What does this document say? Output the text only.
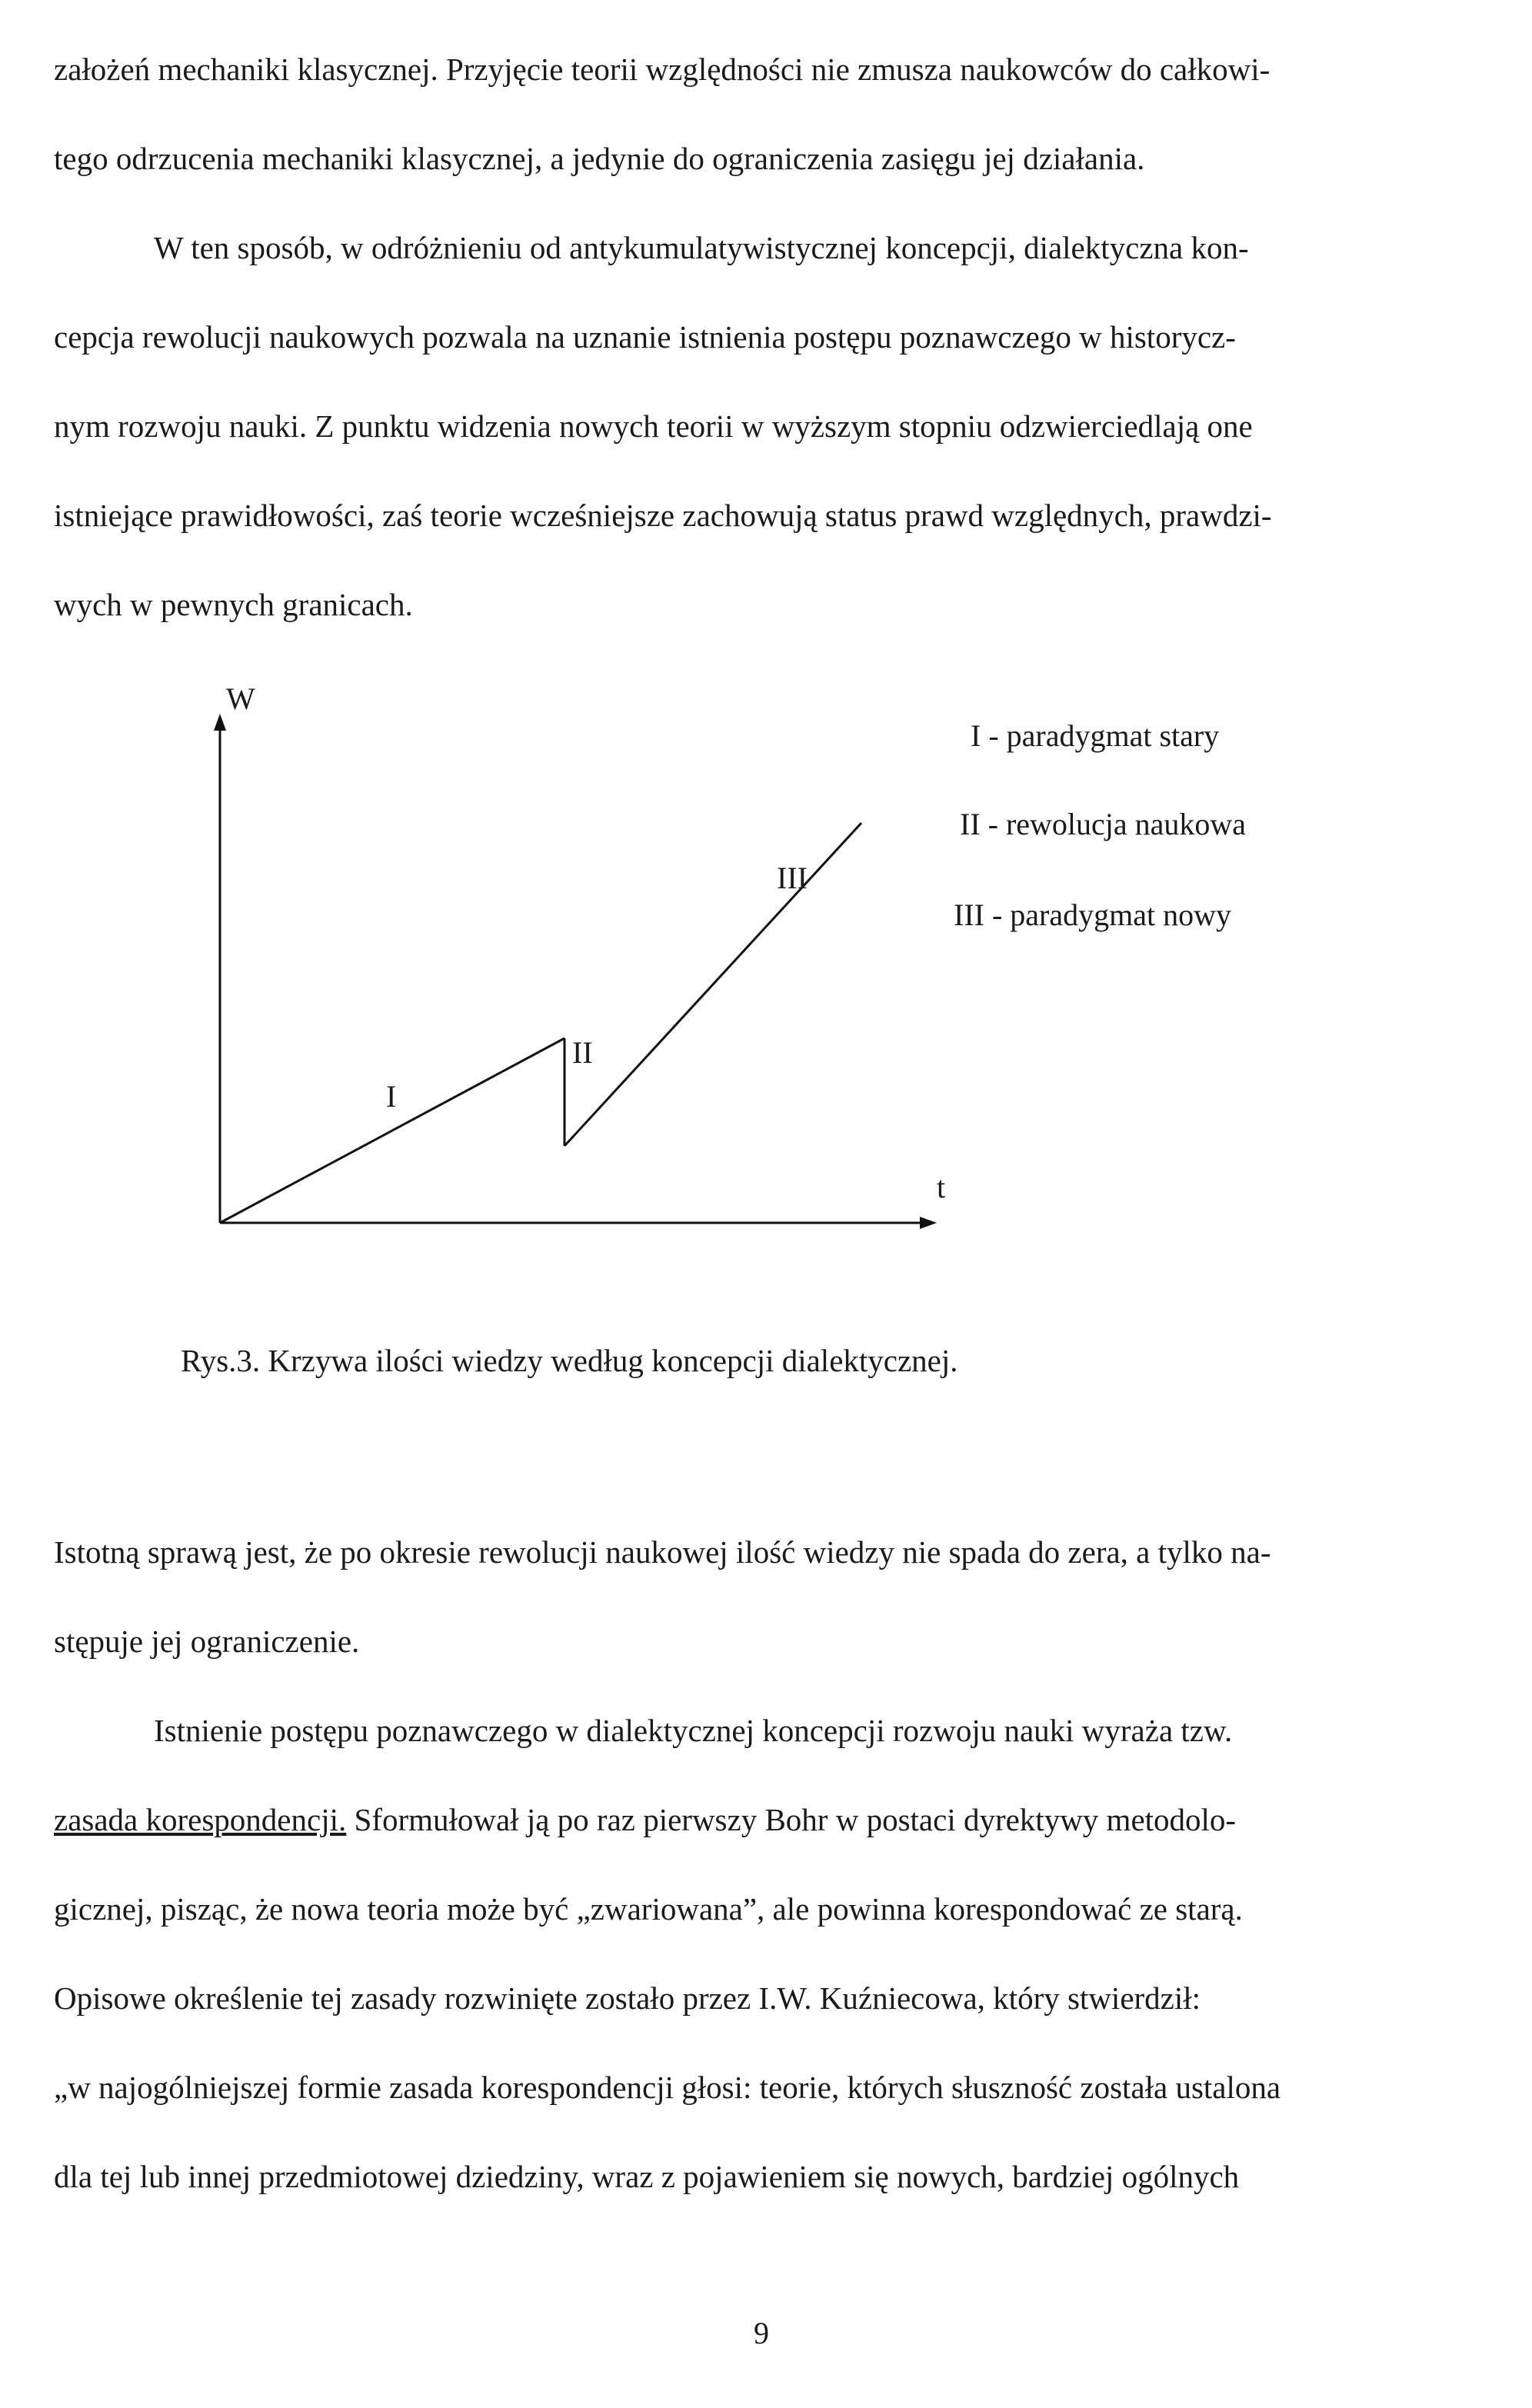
założeń mechaniki klasycznej. Przyjęcie teorii względności nie zmusza naukowców do całkowi-
tego odrzucenia mechaniki klasycznej, a jedynie do ograniczenia zasięgu jej działania.

W ten sposób, w odróżnieniu od antykumulatywistycznej koncepcji, dialektyczna kon-
cepcja rewolucji naukowych pozwala na uznanie istnienia postępu poznawczego w historycz-
nym rozwoju nauki. Z punktu widzenia nowych teorii w wyższym stopniu odzwierciedlają one
istniejące prawidłowości, zaś teorie wcześniejsze zachowują status prawd względnych, prawdzi-
wych w pewnych granicach.

W
t
I
II
III
I - paradygmat stary
II - rewolucja naukowa
III - paradygmat nowy
Rys.3. Krzywa ilości wiedzy według koncepcji dialektycznej.

Istotną sprawą jest, że po okresie rewolucji naukowej ilość wiedzy nie spada do zera, a tylko na-
stępuje jej ograniczenie.

Istnienie postępu poznawczego w dialektycznej koncepcji rozwoju nauki wyraża tzw.
zasada korespondencji. Sformułował ją po raz pierwszy Bohr w postaci dyrektywy metodolo-
gicznej, pisząc, że nowa teoria może być „zwariowana”, ale powinna korespondować ze starą.
Opisowe określenie tej zasady rozwinięte zostało przez I.W. Kuźniecowa, który stwierdził:
„w najogólniejszej formie zasada korespondencji głosi: teorie, których słuszność została ustalona
dla tej lub innej przedmiotowej dziedziny, wraz z pojawieniem się nowych, bardziej ogólnych

9
